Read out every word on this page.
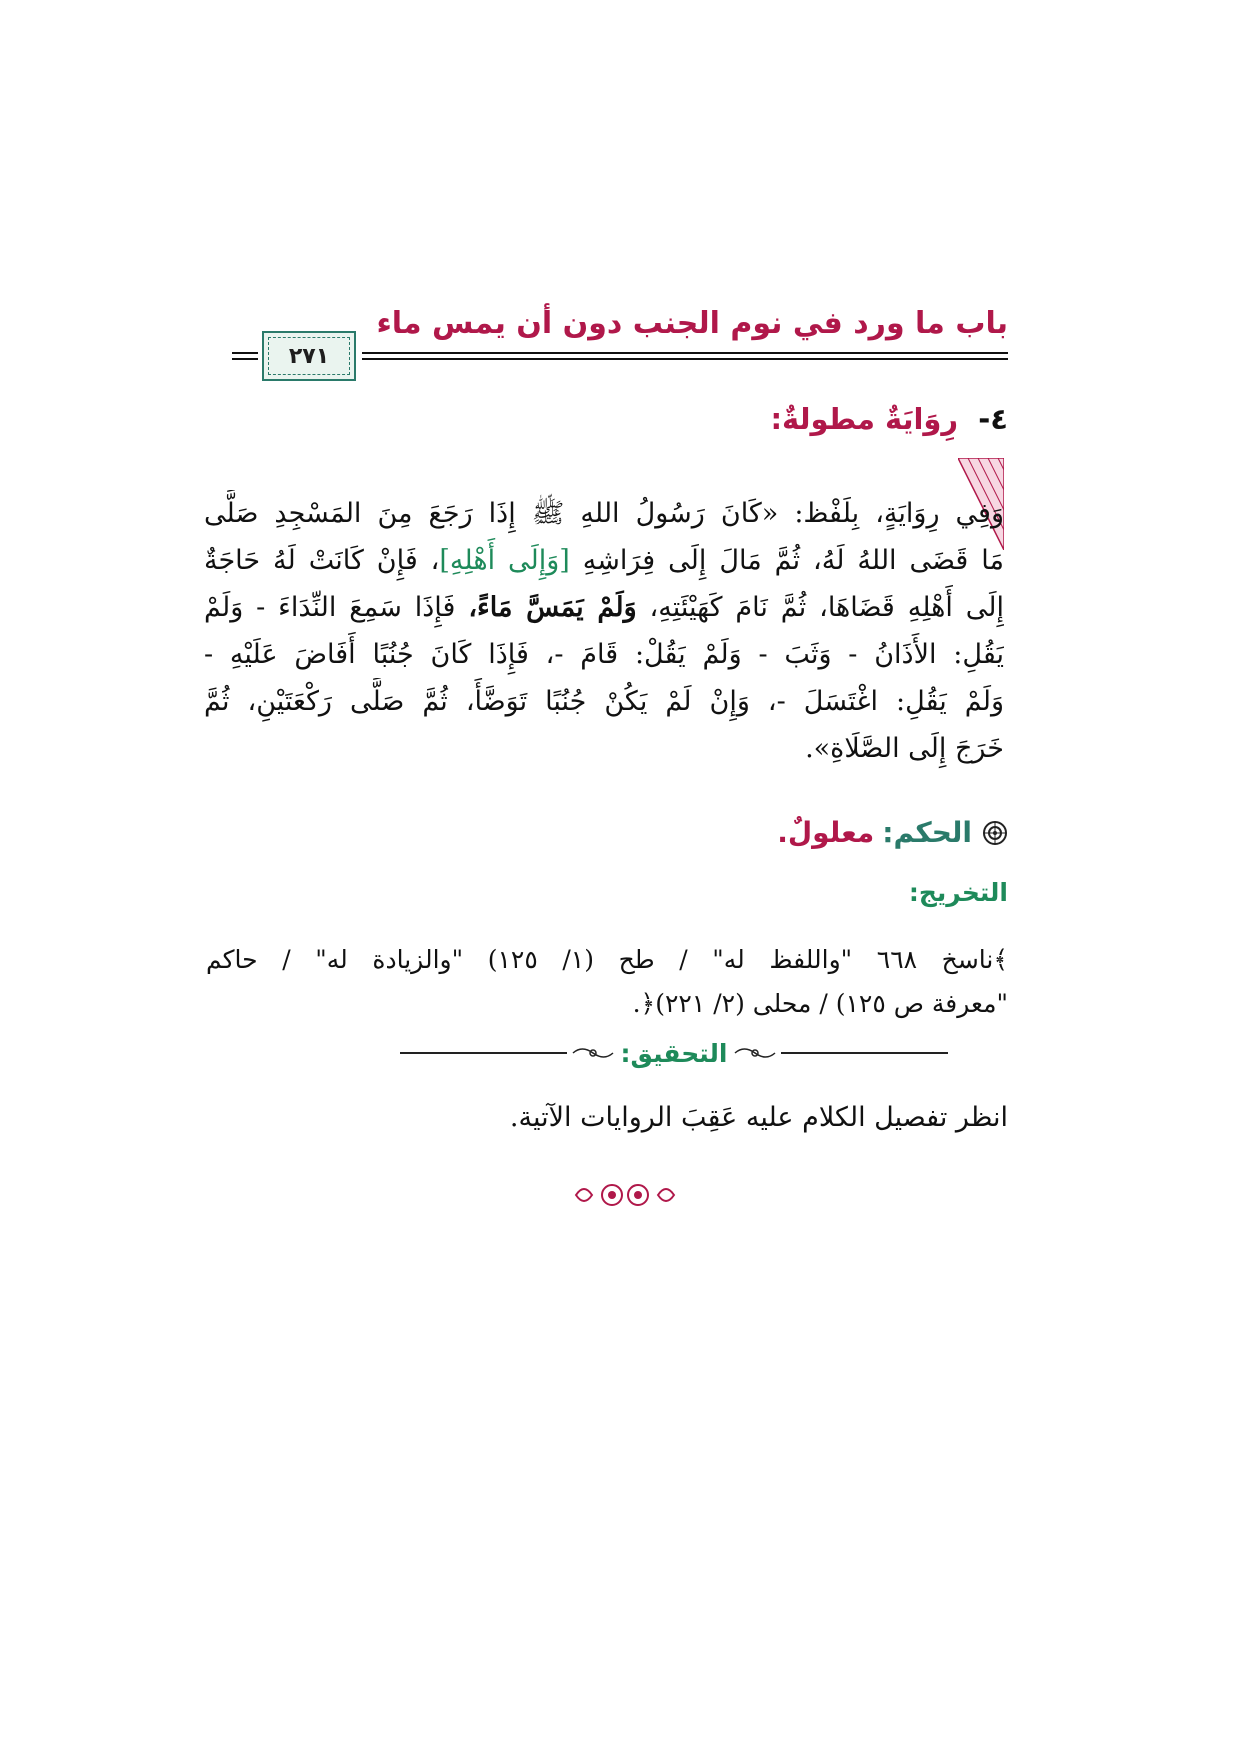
باب ما ورد في نوم الجنب دون أن يمس ماء
٢٧١
٤- رِوَايَةٌ مطولةٌ:
وَفِي رِوَايَةٍ، بِلَفْظ: «كَانَ رَسُولُ اللهِ ﷺ إِذَا رَجَعَ مِنَ المَسْجِدِ صَلَّى
مَا قَضَى اللهُ لَهُ، ثُمَّ مَالَ إِلَى فِرَاشِهِ [وَإِلَى أَهْلِهِ]، فَإِنْ كَانَتْ لَهُ حَاجَةٌ
إِلَى أَهْلِهِ قَضَاهَا، ثُمَّ نَامَ كَهَيْئَتِهِ، وَلَمْ يَمَسَّ مَاءً، فَإِذَا سَمِعَ النِّدَاءَ - وَلَمْ
يَقُلِ: الأَذَانُ - وَثَبَ - وَلَمْ يَقُلْ: قَامَ -، فَإِذَا كَانَ جُنُبًا أَفَاضَ عَلَيْهِ -
وَلَمْ يَقُلِ: اغْتَسَلَ -، وَإِنْ لَمْ يَكُنْ جُنُبًا تَوَضَّأَ، ثُمَّ صَلَّى رَكْعَتَيْنِ، ثُمَّ
خَرَجَ إِلَى الصَّلَاةِ».
الحكم:معلولٌ.
التخريج:
﴾ناسخ ٦٦٨ "واللفظ له" / طح (١/ ١٢٥) "والزيادة له" / حاكم
"معرفة ص ١٢٥) / محلى (٢/ ٢٢١)﴿.
التحقيق:
انظر تفصيل الكلام عليه عَقِبَ الروايات الآتية.
